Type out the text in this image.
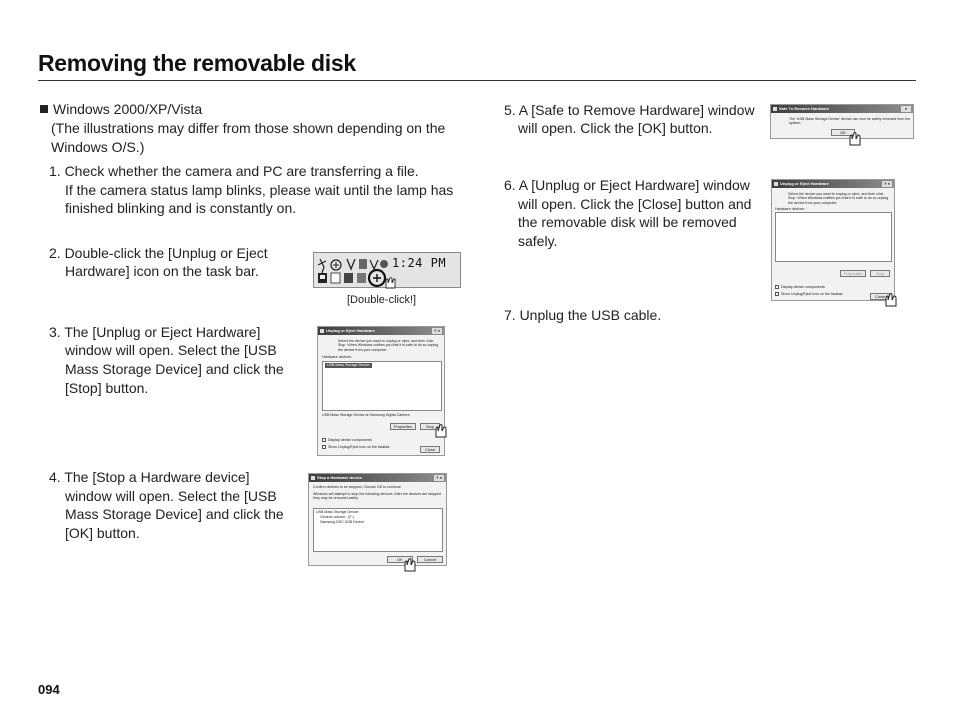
Removing the removable disk
Windows 2000/XP/Vista
(The illustrations may differ from those shown depending on the Windows O/S.)
1. Check whether the camera and PC are transferring a file.
If the camera status lamp blinks, please wait until the lamp has
finished blinking and is constantly on.
2. Double-click the [Unplug or Eject
Hardware] icon on the task bar.	1:24 PM
[Double-click!]
3. The [Unplug or Eject Hardware]
window will open. Select the [USB
Mass Storage Device] and click the
[Stop] button.
Unplug or Eject Hardware	? ×
Select the device you want to unplug or eject, and then click Stop. When Windows notifies you that it is safe to do so unplug the device from your computer.
Hardware devices:
USB Mass Storage Device
USB Mass Storage Device at Samsung Digital Camera
Properties	Stop
Display device components
Show Unplug/Eject icon on the taskbar	Close
4. The [Stop a Hardware device]
window will open. Select the [USB
Mass Storage Device] and click the
[OK] button.
Stop a Hardware device	? ×
Confirm devices to be stopped, Choose OK to continue.
Windows will attempt to stop the following devices. After the devices are stopped they may be removed safely.
USB Mass Storage Device
Generic volume - (F:)
Samsung DSC USB Device
OK	Cancel
5. A [Safe to Remove Hardware] window
will open. Click the [OK] button.
Safe To Remove Hardware	×
The 'USB Mass Storage Device' device can now be safely removed from the system.
OK
6. A [Unplug or Eject Hardware] window
will open. Click the [Close] button and
the removable disk will be removed
safely.
Unplug or Eject Hardware	? ×
Select the device you want to unplug or eject, and then click Stop. When Windows notifies you that it is safe to do so unplug the device from your computer.
Hardware devices:
Properties	Stop
Display device components
Show Unplug/Eject icon on the taskbar	Close
7. Unplug the USB cable.
094
